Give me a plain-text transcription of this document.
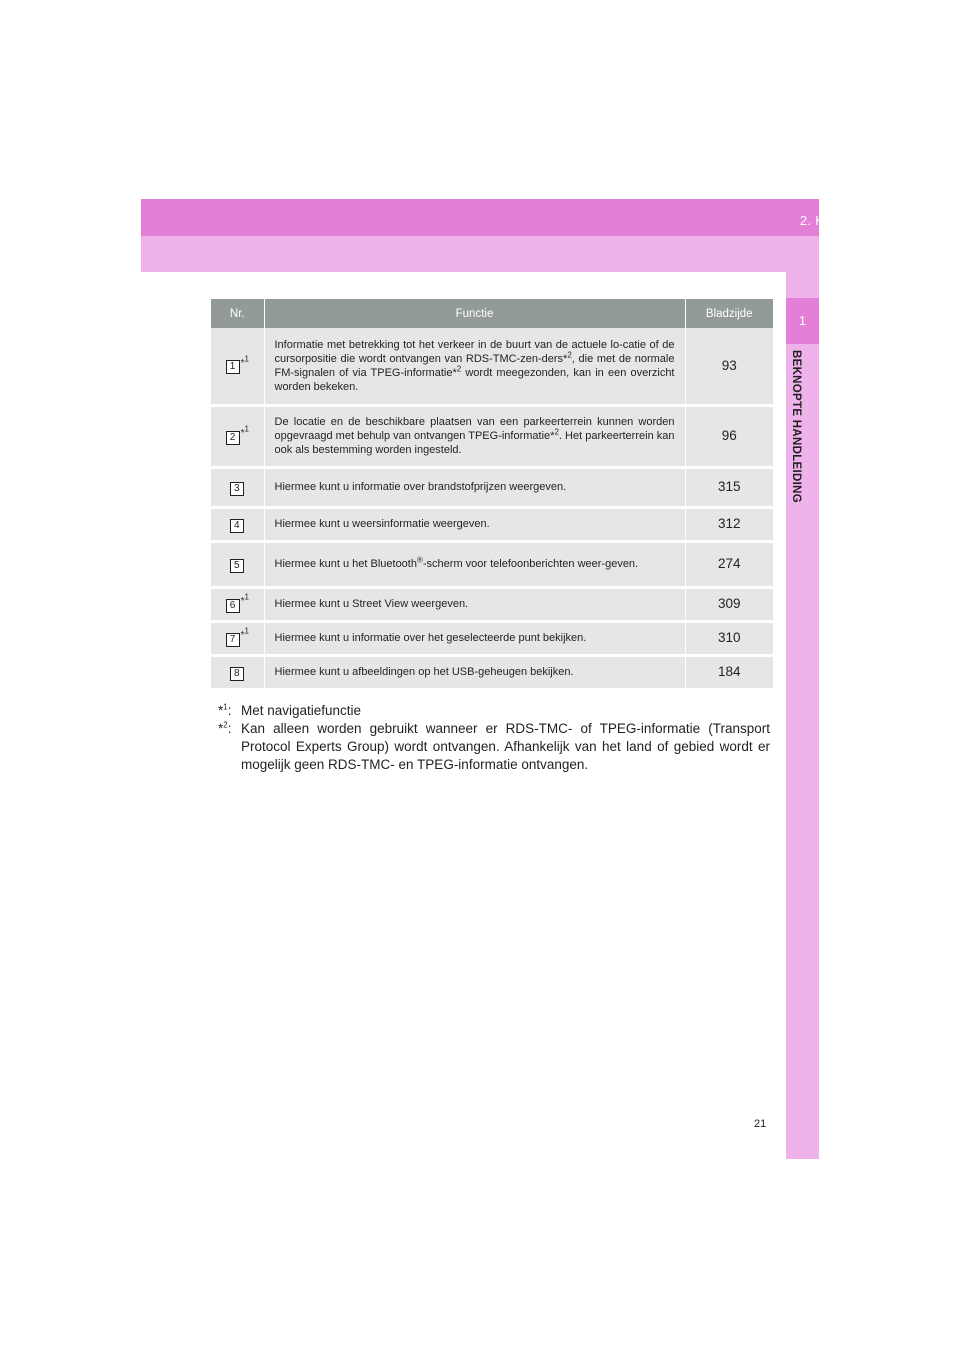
2. KORTE UITLEG
1
BEKNOPTE HANDLEIDING
Nr.	Functie	Bladzijde
1 *$^1$	Informatie met betrekking tot het verkeer in de buurt van de actuele lo-catie of de cursorpositie die wordt ontvangen van RDS-TMC-zen-ders*$^2$, die met de normale FM-signalen of via TPEG-informatie*$^2$ wordt meegezonden, kan in een overzicht worden bekeken.	93
2 *$^1$	De locatie en de beschikbare plaatsen van een parkeerterrein kunnen worden opgevraagd met behulp van ontvangen TPEG-informatie*$^2$. Het parkeerterrein kan ook als bestemming worden ingesteld.	96
3	Hiermee kunt u informatie over brandstofprijzen weergeven.	315
4	Hiermee kunt u weersinformatie weergeven.	312
5	Hiermee kunt u het Bluetooth®-scherm voor telefoonberichten weer-geven.	274
6 *$^1$	Hiermee kunt u Street View weergeven.	309
7 *$^1$	Hiermee kunt u informatie over het geselecteerde punt bekijken.	310
8	Hiermee kunt u afbeeldingen op het USB-geheugen bekijken.	184
*$^1$: Met navigatiefunctie
*$^2$: Kan alleen worden gebruikt wanneer er RDS-TMC- of TPEG-informatie (Transport Protocol Experts Group) wordt ontvangen. Afhankelijk van het land of gebied wordt er mogelijk geen RDS-TMC- en TPEG-informatie ontvangen.
21
